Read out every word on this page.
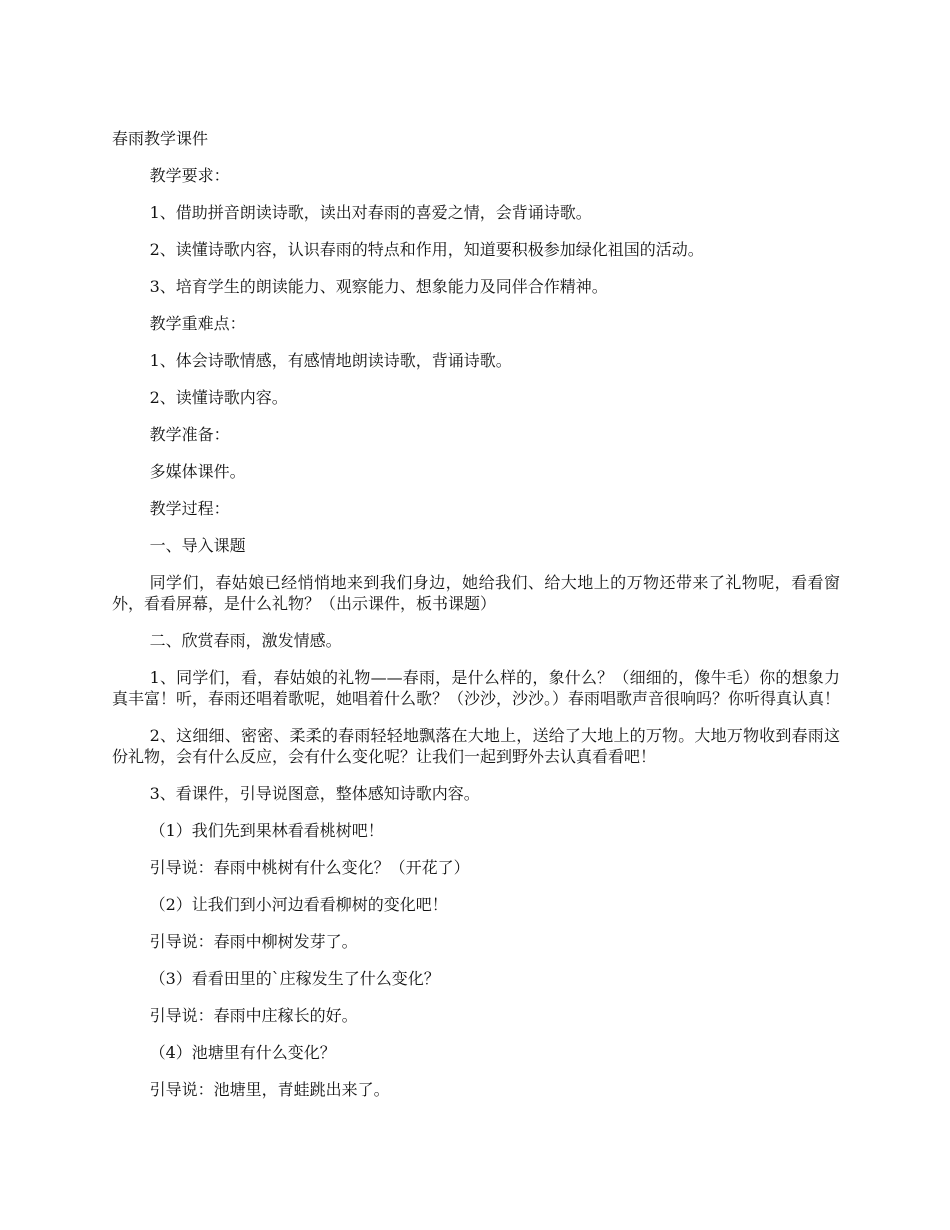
春雨教学课件

教学要求：

1、借助拼音朗读诗歌，读出对春雨的喜爱之情，会背诵诗歌。

2、读懂诗歌内容，认识春雨的特点和作用，知道要积极参加绿化祖国的活动。

3、培育学生的朗读能力、观察能力、想象能力及同伴合作精神。

教学重难点：

1、体会诗歌情感，有感情地朗读诗歌，背诵诗歌。

2、读懂诗歌内容。

教学准备：

多媒体课件。

教学过程：

一、导入课题

同学们，春姑娘已经悄悄地来到我们身边，她给我们、给大地上的万物还带来了礼物呢，看看窗外，看看屏幕，是什么礼物？（出示课件，板书课题）

二、欣赏春雨，激发情感。

1、同学们，看，春姑娘的礼物——春雨，是什么样的，象什么？（细细的，像牛毛）你的想象力真丰富！听，春雨还唱着歌呢，她唱着什么歌？（沙沙，沙沙。）春雨唱歌声音很响吗？你听得真认真！

2、这细细、密密、柔柔的春雨轻轻地飘落在大地上，送给了大地上的万物。大地万物收到春雨这份礼物，会有什么反应，会有什么变化呢？让我们一起到野外去认真看看吧！

3、看课件，引导说图意，整体感知诗歌内容。

（1）我们先到果林看看桃树吧！

引导说：春雨中桃树有什么变化？（开花了）

（2）让我们到小河边看看柳树的变化吧！

引导说：春雨中柳树发芽了。

（3）看看田里的`庄稼发生了什么变化？

引导说：春雨中庄稼长的好。

（4）池塘里有什么变化？

引导说：池塘里，青蛙跳出来了。
